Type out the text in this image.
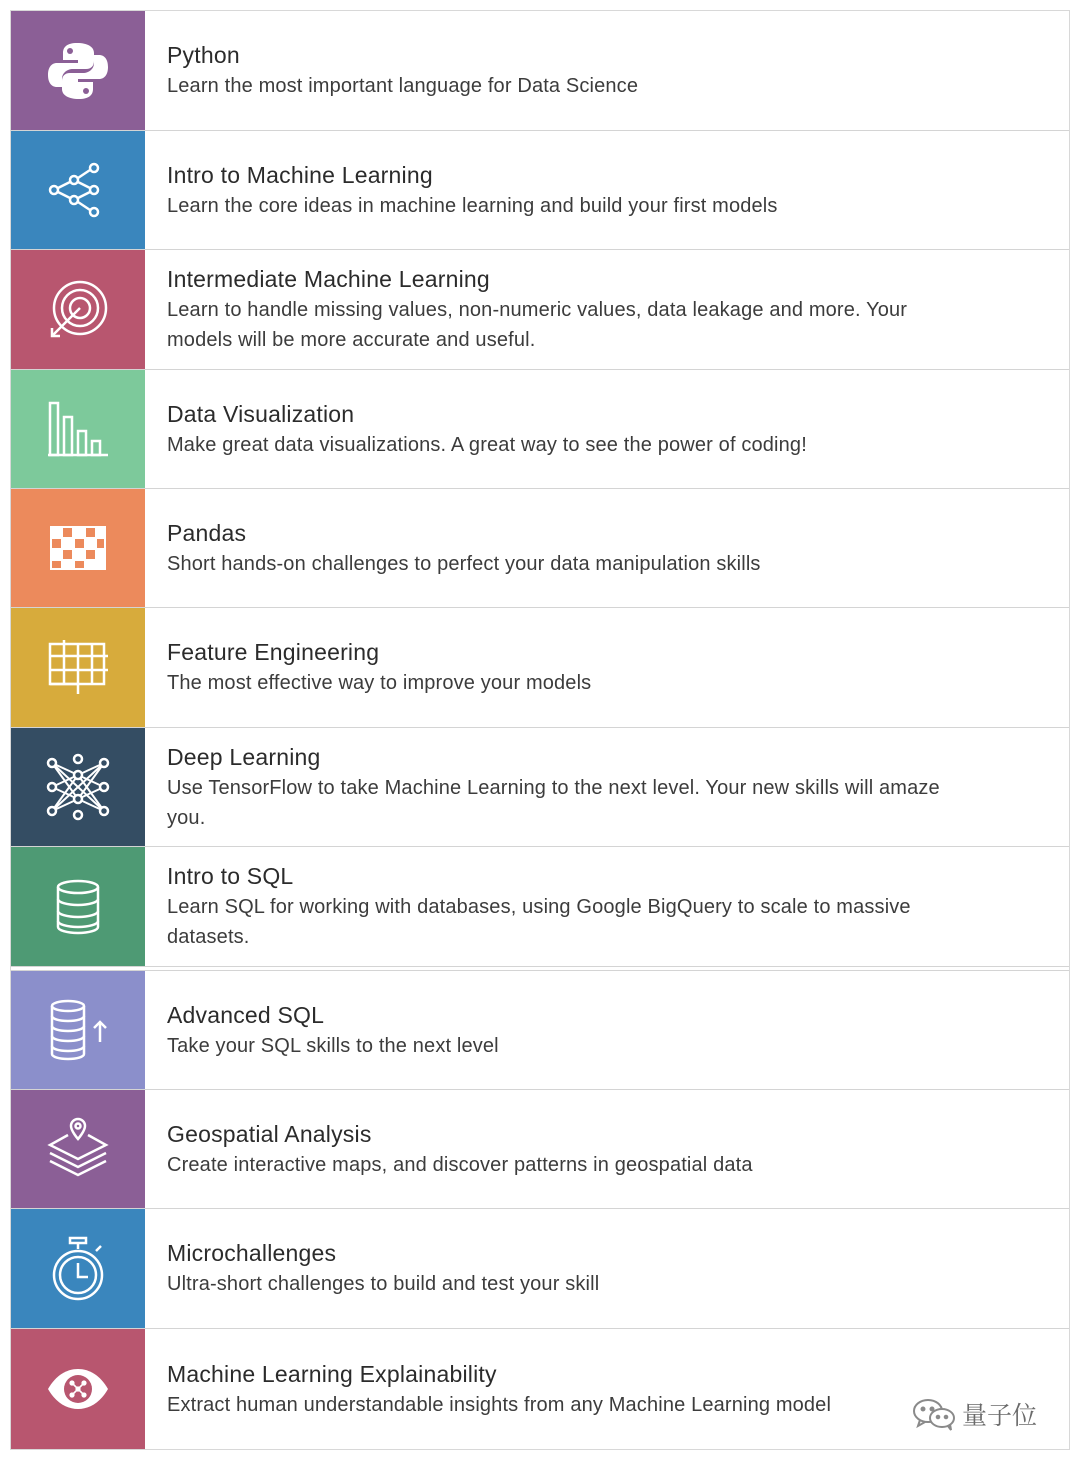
Python
Learn the most important language for Data Science
Intro to Machine Learning
Learn the core ideas in machine learning and build your first models
Intermediate Machine Learning
Learn to handle missing values, non-numeric values, data leakage and more. Your models will be more accurate and useful.
Data Visualization
Make great data visualizations. A great way to see the power of coding!
Pandas
Short hands-on challenges to perfect your data manipulation skills
Feature Engineering
The most effective way to improve your models
Deep Learning
Use TensorFlow to take Machine Learning to the next level. Your new skills will amaze you.
Intro to SQL
Learn SQL for working with databases, using Google BigQuery to scale to massive datasets.
Advanced SQL
Take your SQL skills to the next level
Geospatial Analysis
Create interactive maps, and discover patterns in geospatial data
Microchallenges
Ultra-short challenges to build and test your skill
Machine Learning Explainability
Extract human understandable insights from any Machine Learning model	量子位
